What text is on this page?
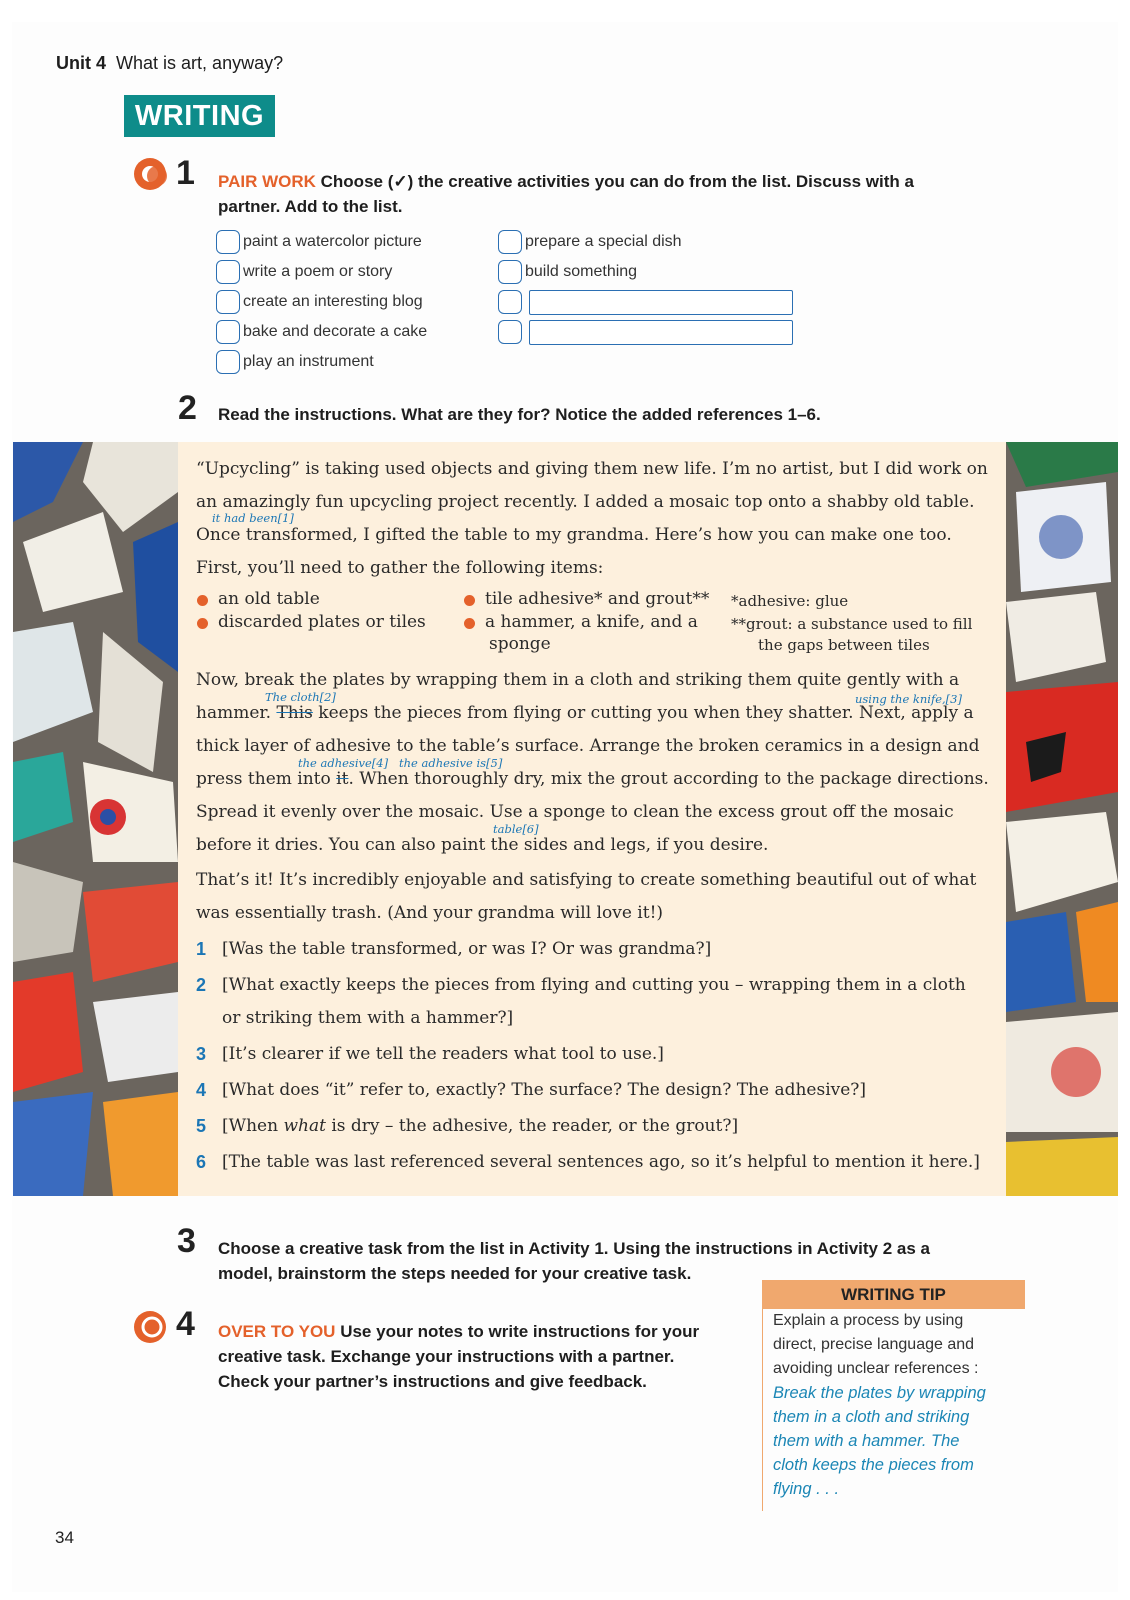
Unit 4 What is art, anyway?
WRITING
1 PAIR WORK Choose (✓) the creative activities you can do from the list. Discuss with a
partner. Add to the list.
paint a watercolor picture
write a poem or story
create an interesting blog
bake and decorate a cake
play an instrument
prepare a special dish
build something
2 Read the instructions. What are they for? Notice the added references 1–6.
“Upcycling” is taking used objects and giving them new life. I’m no artist, but I did work on
an amazingly fun upcycling project recently. I added a mosaic top onto a shabby old table.
it had been[1]
Once transformed, I gifted the table to my grandma. Here’s how you can make one too.
First, you’ll need to gather the following items:
an old table
discarded plates or tiles
tile adhesive* and grout**
a hammer, a knife, and a
sponge
*adhesive: glue
**grout: a substance used to fill
the gaps between tiles
Now, break the plates by wrapping them in a cloth and striking them quite gently with a
The cloth[2]	using the knife,[3]
hammer. This keeps the pieces from flying or cutting you when they shatter. Next, apply a
thick layer of adhesive to the table’s surface. Arrange the broken ceramics in a design and
the adhesive[4] the adhesive is[5]
press them into it. When thoroughly dry, mix the grout according to the package directions.
Spread it evenly over the mosaic. Use a sponge to clean the excess grout off the mosaic
table[6]
before it dries. You can also paint the sides and legs, if you desire.
That’s it! It’s incredibly enjoyable and satisfying to create something beautiful out of what
was essentially trash. (And your grandma will love it!)
1 [Was the table transformed, or was I? Or was grandma?]
2 [What exactly keeps the pieces from flying and cutting you – wrapping them in a cloth
or striking them with a hammer?]
3 [It’s clearer if we tell the readers what tool to use.]
4 [What does “it” refer to, exactly? The surface? The design? The adhesive?]
5 [When what is dry – the adhesive, the reader, or the grout?]
6 [The table was last referenced several sentences ago, so it’s helpful to mention it here.]
3 Choose a creative task from the list in Activity 1. Using the instructions in Activity 2 as a
model, brainstorm the steps needed for your creative task.
4 OVER TO YOU Use your notes to write instructions for your
creative task. Exchange your instructions with a partner.
Check your partner’s instructions and give feedback.
WRITING TIP
Explain a process by using
direct, precise language and
avoiding unclear references :
Break the plates by wrapping
them in a cloth and striking
them with a hammer. The
cloth keeps the pieces from
flying . . .
34
